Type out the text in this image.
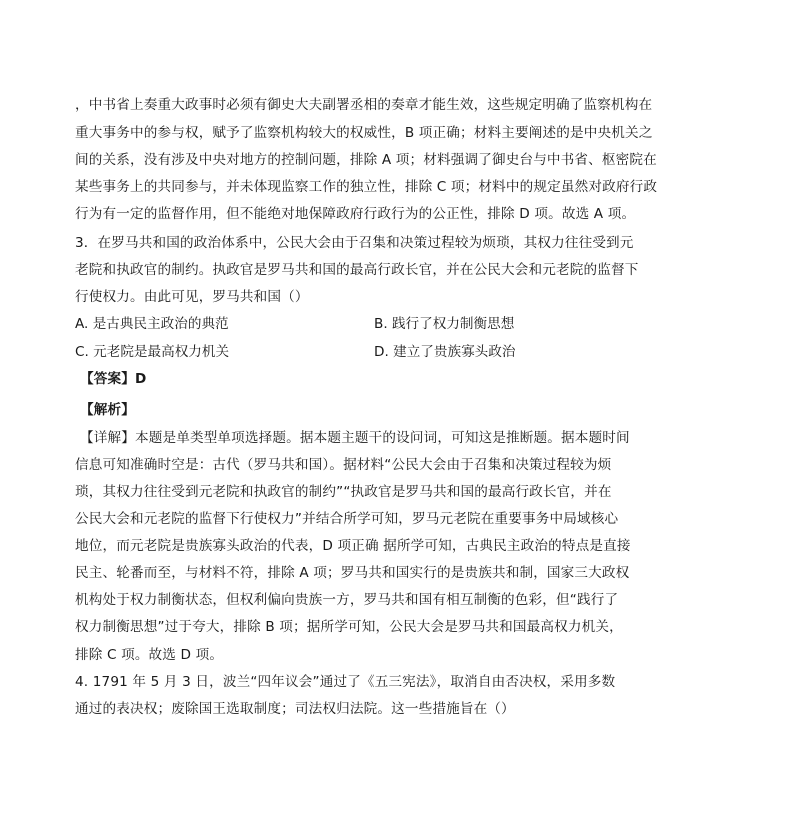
，中书省上奏重大政事时必须有御史大夫副署丞相的奏章才能生效，这些规定明确了监察机构在
重大事务中的参与权，赋予了监察机构较大的权威性，B 项正确；材料主要阐述的是中央机关之
间的关系，没有涉及中央对地方的控制问题，排除 A 项；材料强调了御史台与中书省、枢密院在
某些事务上的共同参与，并未体现监察工作的独立性，排除 C 项；材料中的规定虽然对政府行政
行为有一定的监督作用，但不能绝对地保障政府行政行为的公正性，排除 D 项。故选 A 项。
3．在罗马共和国的政治体系中，公民大会由于召集和决策过程较为烦琐，其权力往往受到元
老院和执政官的制约。执政官是罗马共和国的最高行政长官，并在公民大会和元老院的监督下
行使权力。由此可见，罗马共和国（）
A. 是古典民主政治的典范	B. 践行了权力制衡思想
C. 元老院是最高权力机关	D. 建立了贵族寡头政治
【答案】D
【解析】
【详解】本题是单类型单项选择题。据本题主题干的设问词，可知这是推断题。据本题时间
信息可知准确时空是：古代（罗马共和国）。据材料“公民大会由于召集和决策过程较为烦
琐，其权力往往受到元老院和执政官的制约”“执政官是罗马共和国的最高行政长官，并在
公民大会和元老院的监督下行使权力”并结合所学可知，罗马元老院在重要事务中局域核心
地位，而元老院是贵族寡头政治的代表，D 项正确 据所学可知，古典民主政治的特点是直接
民主、轮番而至，与材料不符，排除 A 项；罗马共和国实行的是贵族共和制，国家三大政权
机构处于权力制衡状态，但权利偏向贵族一方，罗马共和国有相互制衡的色彩，但“践行了
权力制衡思想”过于夸大，排除 B 项；据所学可知，公民大会是罗马共和国最高权力机关，
排除 C 项。故选 D 项。
4. 1791 年 5 月 3 日，波兰“四年议会”通过了《五三宪法》，取消自由否决权，采用多数
通过的表决权；废除国王选取制度；司法权归法院。这一些措施旨在（）
